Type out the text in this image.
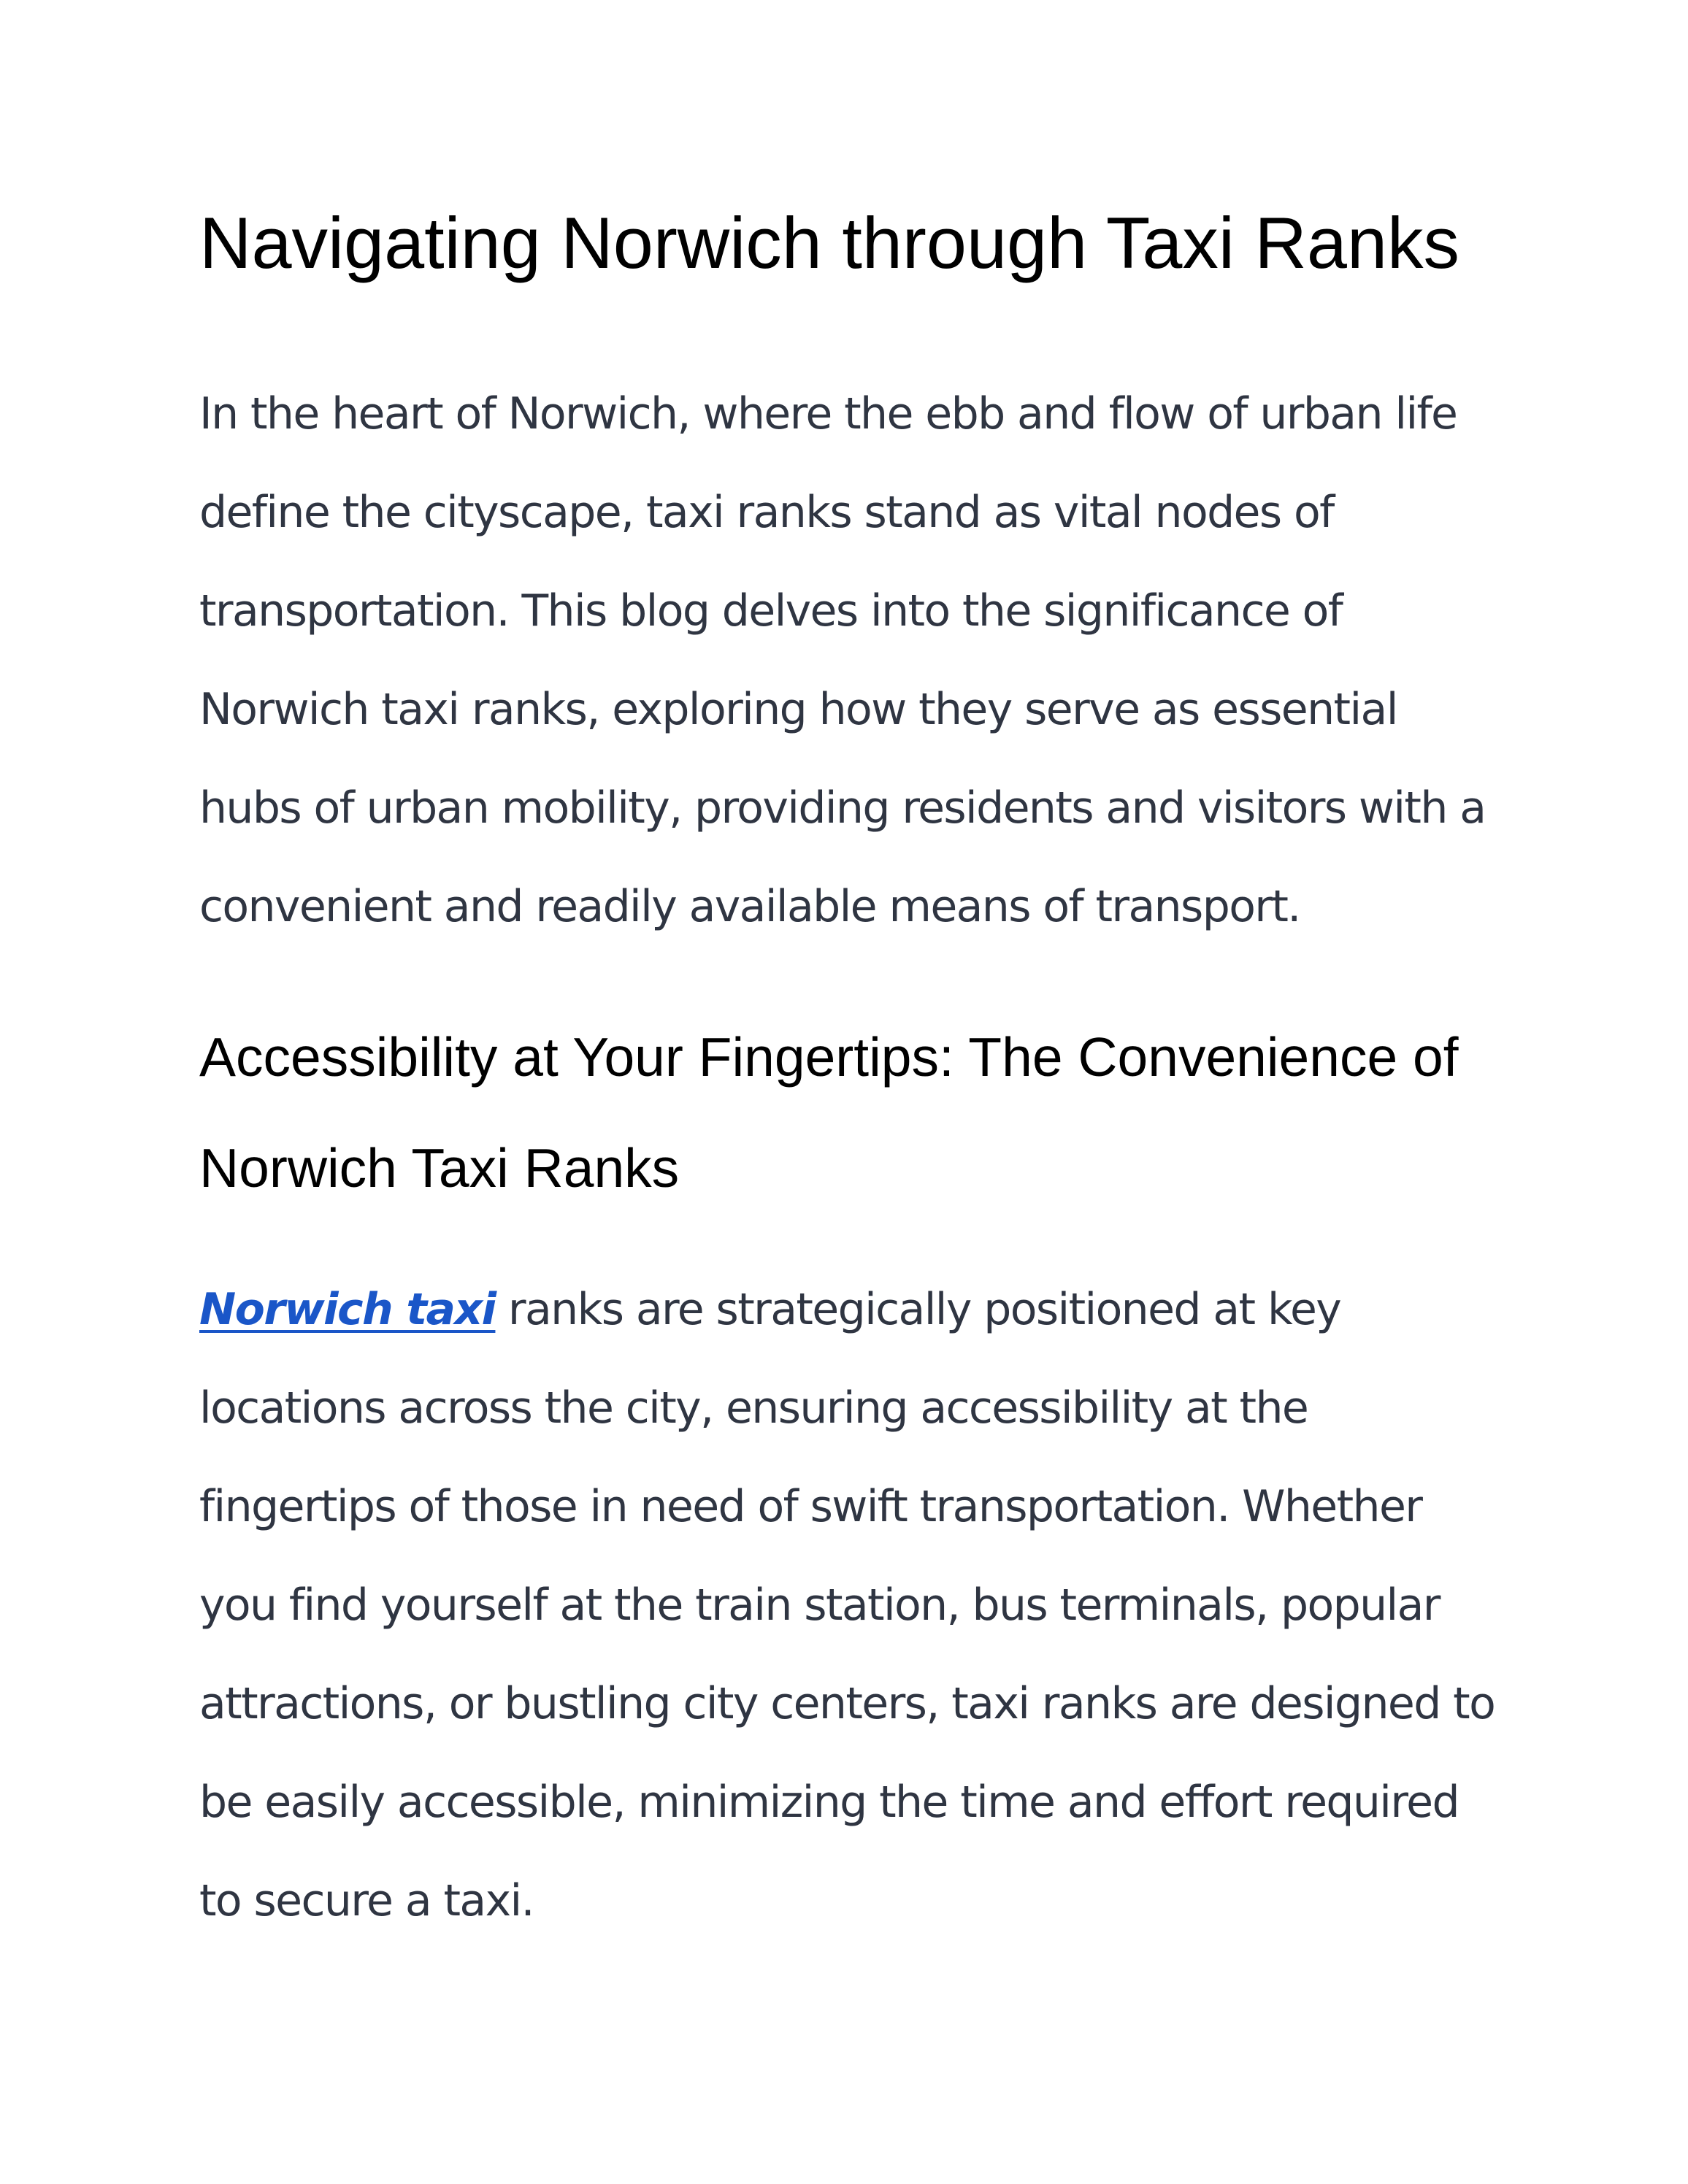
Navigating Norwich through Taxi Ranks

In the heart of Norwich, where the ebb and flow of urban life
define the cityscape, taxi ranks stand as vital nodes of
transportation. This blog delves into the significance of
Norwich taxi ranks, exploring how they serve as essential
hubs of urban mobility, providing residents and visitors with a
convenient and readily available means of transport.

Accessibility at Your Fingertips: The Convenience of
Norwich Taxi Ranks

Norwich taxi ranks are strategically positioned at key
locations across the city, ensuring accessibility at the
fingertips of those in need of swift transportation. Whether
you find yourself at the train station, bus terminals, popular
attractions, or bustling city centers, taxi ranks are designed to
be easily accessible, minimizing the time and effort required
to secure a taxi.
